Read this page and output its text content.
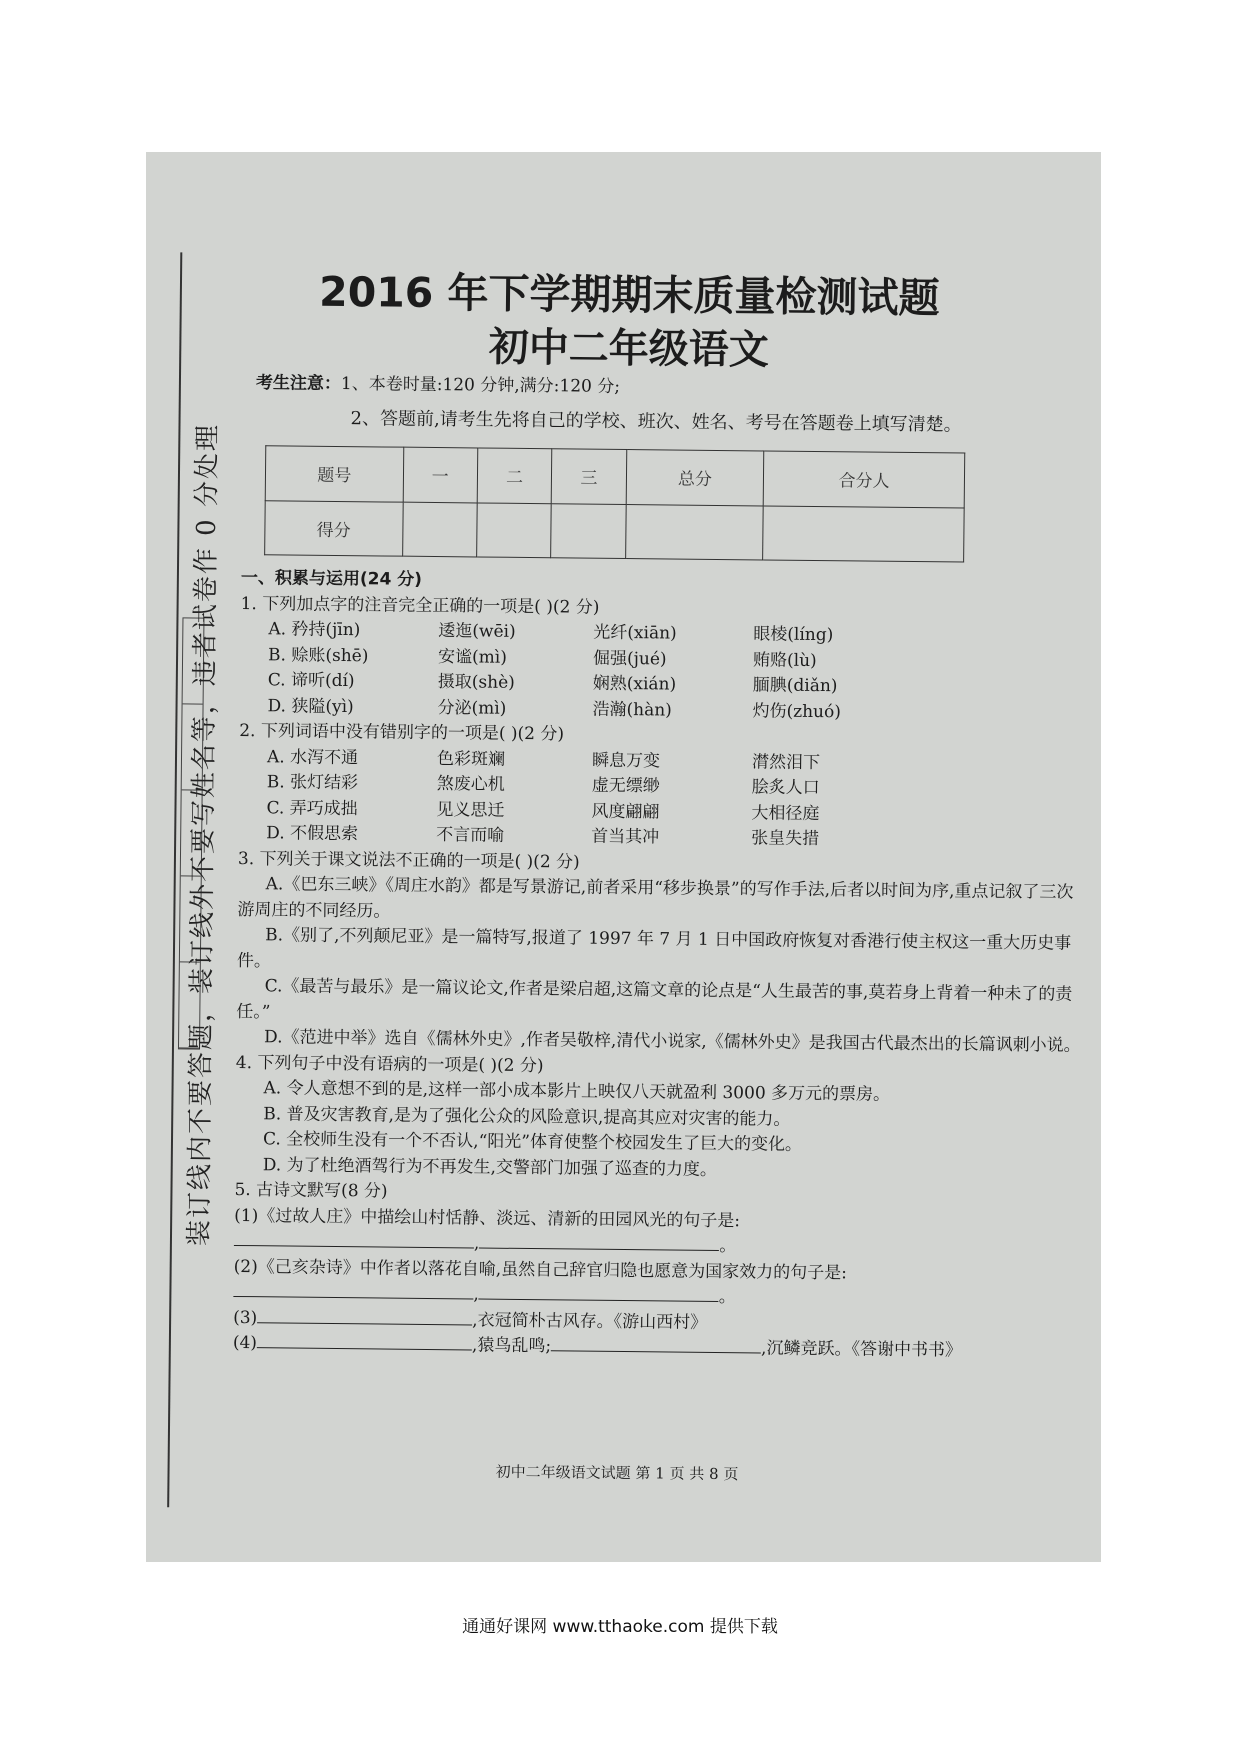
装订线内不要答题，装订线外不要写姓名等，违者试卷作 0 分处理
2016 年下学期期末质量检测试题
初中二年级语文
考生注意：1、本卷时量:120 分钟,满分:120 分;
2、答题前,请考生先将自己的学校、班次、姓名、考号在答题卷上填写清楚。
题号	一	二	三	总分	合分人
得分					
一、积累与运用(24 分)
1. 下列加点字的注音完全正确的一项是( )(2 分)
A. 矜持(jīn)	逶迤(wēi)	光纤(xiān)	眼棱(líng)
B. 赊账(shē)	安谧(mì)	倔强(jué)	贿赂(lù)
C. 谛听(dí)	摄取(shè)	娴熟(xián)	腼腆(diǎn)
D. 狭隘(yì)	分泌(mì)	浩瀚(hàn)	灼伤(zhuó)
2. 下列词语中没有错别字的一项是( )(2 分)
A. 水泻不通	色彩斑斓	瞬息万变	潸然泪下
B. 张灯结彩	煞废心机	虚无缥缈	脍炙人口
C. 弄巧成拙	见义思迁	风度翩翩	大相径庭
D. 不假思索	不言而喻	首当其冲	张皇失措
3. 下列关于课文说法不正确的一项是( )(2 分)

A.《巴东三峡》《周庄水韵》都是写景游记,前者采用“移步换景”的写作手法,后者以时间为序,重点记叙了三次游周庄的不同经历。

B.《别了,不列颠尼亚》是一篇特写,报道了 1997 年 7 月 1 日中国政府恢复对香港行使主权这一重大历史事件。

C.《最苦与最乐》是一篇议论文,作者是梁启超,这篇文章的论点是“人生最苦的事,莫若身上背着一种未了的责任。”

D.《范进中举》选自《儒林外史》,作者吴敬梓,清代小说家,《儒林外史》是我国古代最杰出的长篇讽刺小说。

4. 下列句子中没有语病的一项是( )(2 分)
A. 令人意想不到的是,这样一部小成本影片上映仅八天就盈利 3000 多万元的票房。
B. 普及灾害教育,是为了强化公众的风险意识,提高其应对灾害的能力。
C. 全校师生没有一个不否认,“阳光”体育使整个校园发生了巨大的变化。
D. 为了杜绝酒驾行为不再发生,交警部门加强了巡查的力度。
5. 古诗文默写(8 分)
(1)《过故人庄》中描绘山村恬静、淡远、清新的田园风光的句子是:
,	。
(2)《己亥杂诗》中作者以落花自喻,虽然自己辞官归隐也愿意为国家效力的句子是:
,	。
(3)	,衣冠简朴古风存。《游山西村》
(4)	,猿鸟乱鸣;	,沉鳞竞跃。《答谢中书书》
初中二年级语文试题 第 1 页 共 8 页
通通好课网 www.tthaoke.com 提供下载
